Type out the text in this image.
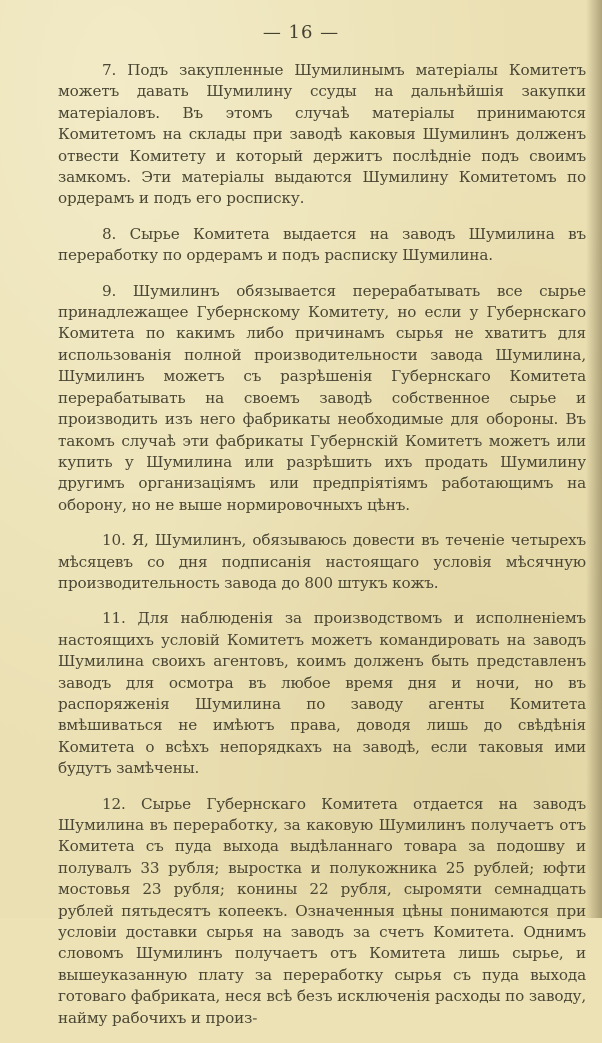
— 16 —

7. Подъ закупленные Шумилинымъ матеріалы Комитетъ можетъ давать Шумилину ссуды на дальнѣйшія закупки матеріаловъ. Въ этомъ случаѣ матеріалы принимаются Комитетомъ на склады при заводѣ каковыя Шумилинъ долженъ отвести Комитету и который держитъ послѣдніе подъ своимъ замкомъ. Эти матеріалы выдаются Шумилину Комитетомъ по ордерамъ и подъ его росписку.

8. Сырье Комитета выдается на заводъ Шумилина въ переработку по ордерамъ и подъ расписку Шумилина.

9. Шумилинъ обязывается перерабатывать все сырье принадлежащее Губернскому Комитету, но если у Губернскаго Комитета по какимъ либо причинамъ сырья не хватитъ для использованія полной производительности завода Шумилина, Шумилинъ можетъ съ разрѣшенія Губернскаго Комитета перерабатывать на своемъ заводѣ собственное сырье и производить изъ него фабрикаты необходимые для обороны. Въ такомъ случаѣ эти фабрикаты Губернскій Комитетъ можетъ или купить у Шумилина или разрѣшить ихъ продать Шумилину другимъ организаціямъ или предпріятіямъ работающимъ на оборону, но не выше нормировочныхъ цѣнъ.

10. Я, Шумилинъ, обязываюсь довести въ теченіе четырехъ мѣсяцевъ со дня подписанія настоящаго условія мѣсячную производительность завода до 800 штукъ кожъ.

11. Для наблюденія за производствомъ и исполненіемъ настоящихъ условій Комитетъ можетъ командировать на заводъ Шумилина своихъ агентовъ, коимъ долженъ быть представленъ заводъ для осмотра въ любое время дня и ночи, но въ распоряженія Шумилина по заводу агенты Комитета вмѣшиваться не имѣютъ права, доводя лишь до свѣдѣнія Комитета о всѣхъ непорядкахъ на заводѣ, если таковыя ими будутъ замѣчены.

12. Сырье Губернскаго Комитета отдается на заводъ Шумилина въ переработку, за каковую Шумилинъ получаетъ отъ Комитета съ пуда выхода выдѣланнаго товара за подошву и полувалъ 33 рубля; выростка и полукожника 25 рублей; юфти мостовья 23 рубля; конины 22 рубля, сыромяти семнадцать рублей пятьдесятъ копеекъ. Означенныя цѣны понимаются при условіи доставки сырья на заводъ за счетъ Комитета. Однимъ словомъ Шумилинъ получаетъ отъ Комитета лишь сырье, и вышеуказанную плату за переработку сырья съ пуда выхода готоваго фабриката, неся всѣ безъ исключенія расходы по заводу, найму рабочихъ и произ-
